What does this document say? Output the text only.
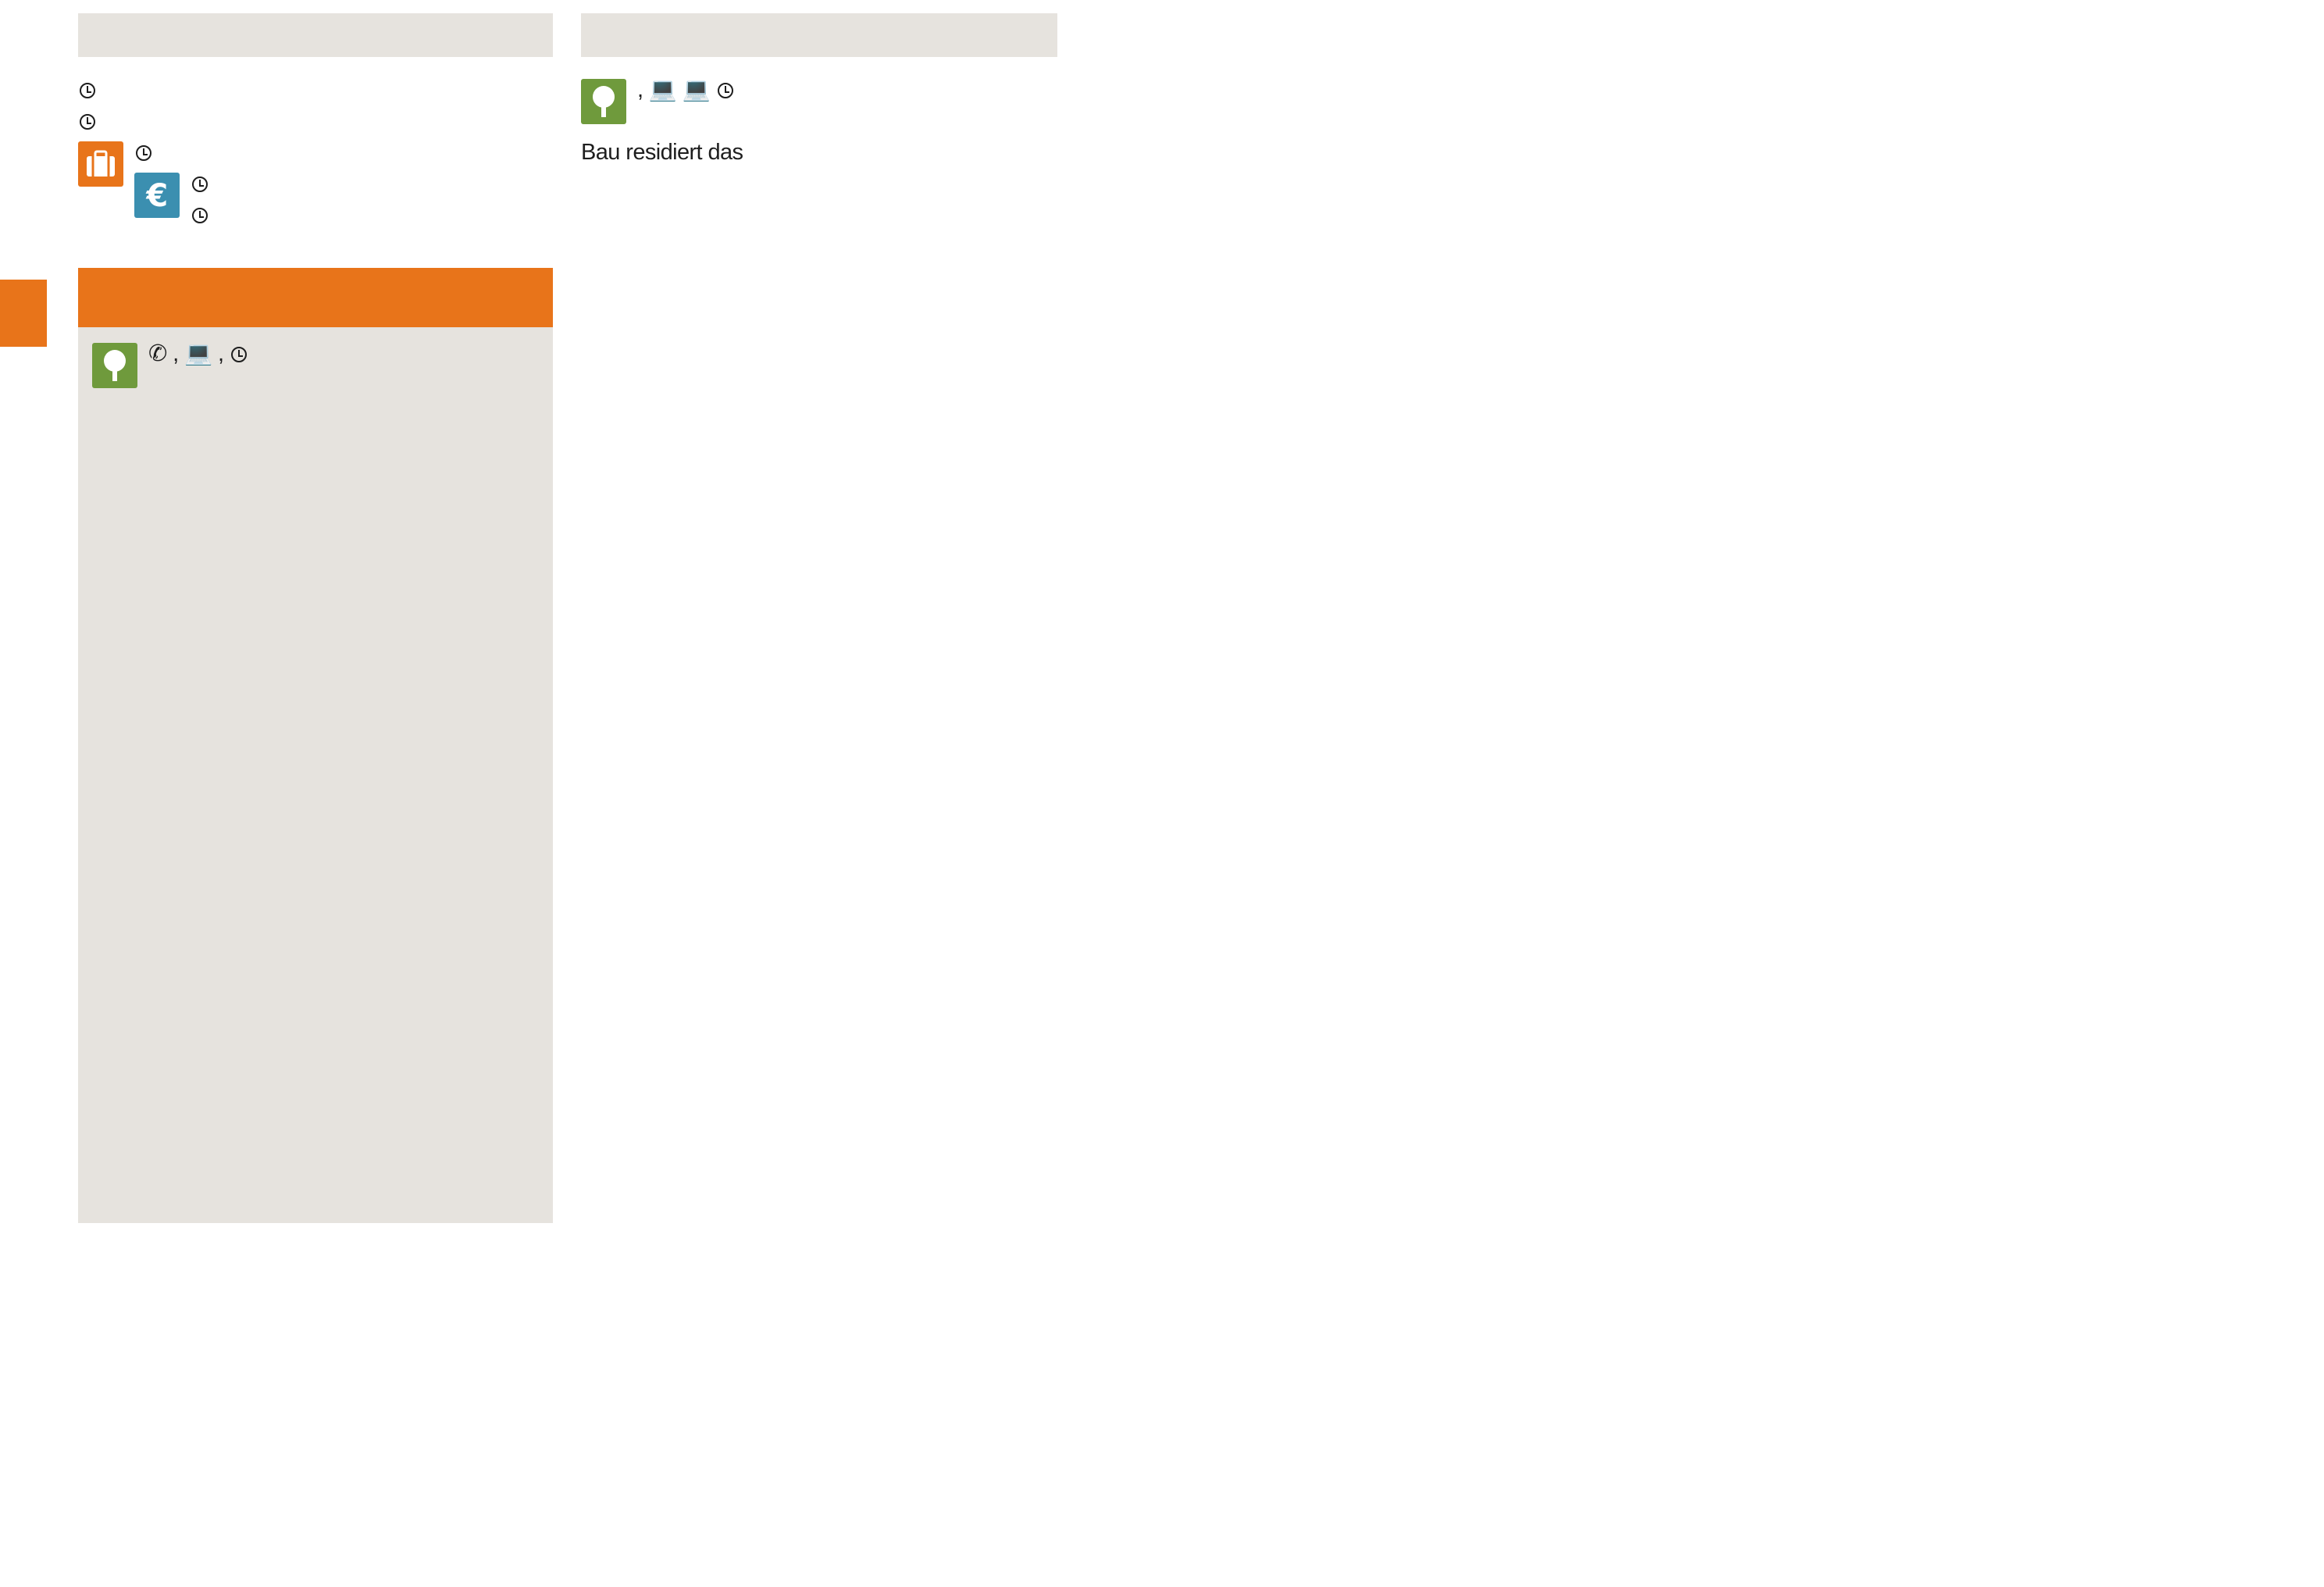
€

✆ , 💻 ,

, 💻 💻

Bau residiert das
